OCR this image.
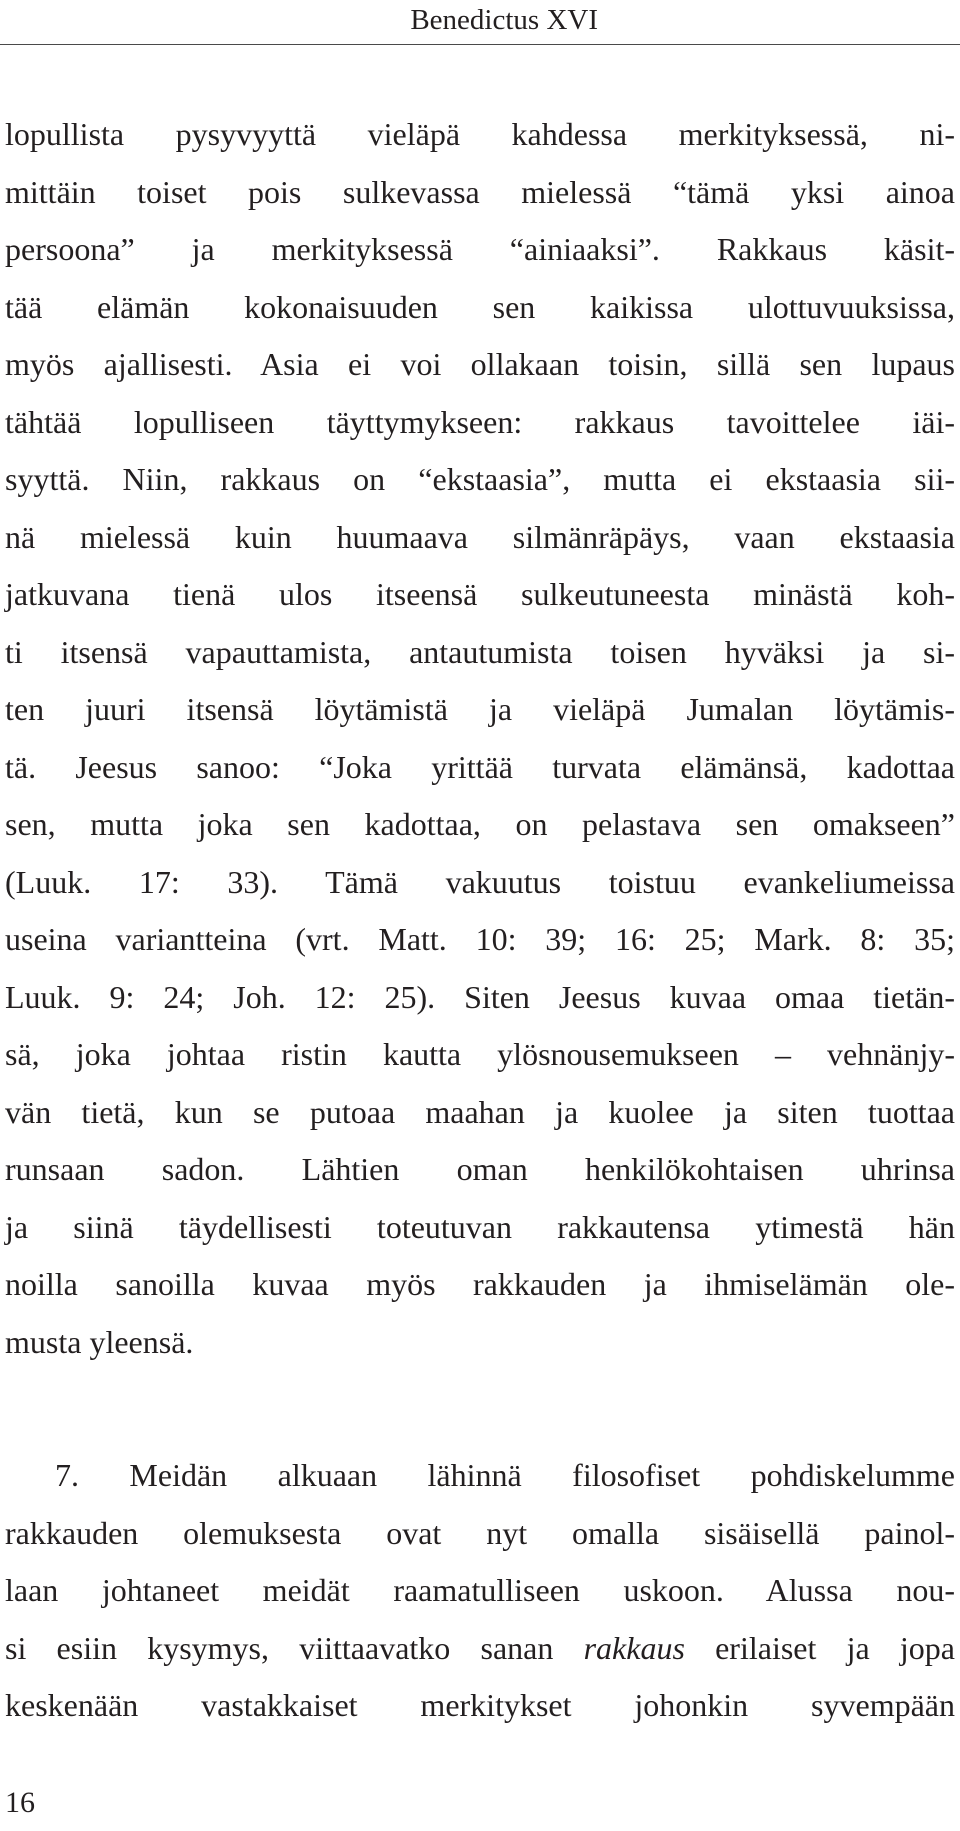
Benedictus XVI
lopullista pysyvyyttä vieläpä kahdessa merkityksessä, ni-
mittäin toiset pois sulkevassa mielessä “tämä yksi ainoa
persoona” ja merkityksessä “ainiaaksi”. Rakkaus käsit-
tää elämän kokonaisuuden sen kaikissa ulottuvuuksissa,
myös ajallisesti. Asia ei voi ollakaan toisin, sillä sen lupaus
tähtää lopulliseen täyttymykseen: rakkaus tavoittelee iäi-
syyttä. Niin, rakkaus on “ekstaasia”, mutta ei ekstaasia sii-
nä mielessä kuin huumaava silmänräpäys, vaan ekstaasia
jatkuvana tienä ulos itseensä sulkeutuneesta minästä koh-
ti itsensä vapauttamista, antautumista toisen hyväksi ja si-
ten juuri itsensä löytämistä ja vieläpä Jumalan löytämis-
tä. Jeesus sanoo: “Joka yrittää turvata elämänsä, kadottaa
sen, mutta joka sen kadottaa, on pelastava sen omakseen”
(Luuk. 17: 33). Tämä vakuutus toistuu evankeliumeissa
useina variantteina (vrt. Matt. 10: 39; 16: 25; Mark. 8: 35;
Luuk. 9: 24; Joh. 12: 25). Siten Jeesus kuvaa omaa tietän-
sä, joka johtaa ristin kautta ylösnousemukseen – vehnänjy-
vän tietä, kun se putoaa maahan ja kuolee ja siten tuottaa
runsaan sadon. Lähtien oman henkilökohtaisen uhrinsa
ja siinä täydellisesti toteutuvan rakkautensa ytimestä hän
noilla sanoilla kuvaa myös rakkauden ja ihmiselämän ole-
musta yleensä.
7. Meidän alkuaan lähinnä filosofiset pohdiskelumme
rakkauden olemuksesta ovat nyt omalla sisäisellä painol-
laan johtaneet meidät raamatulliseen uskoon. Alussa nou-
si esiin kysymys, viittaavatko sanan rakkaus erilaiset ja jopa
keskenään vastakkaiset merkitykset johonkin syvempään
16
